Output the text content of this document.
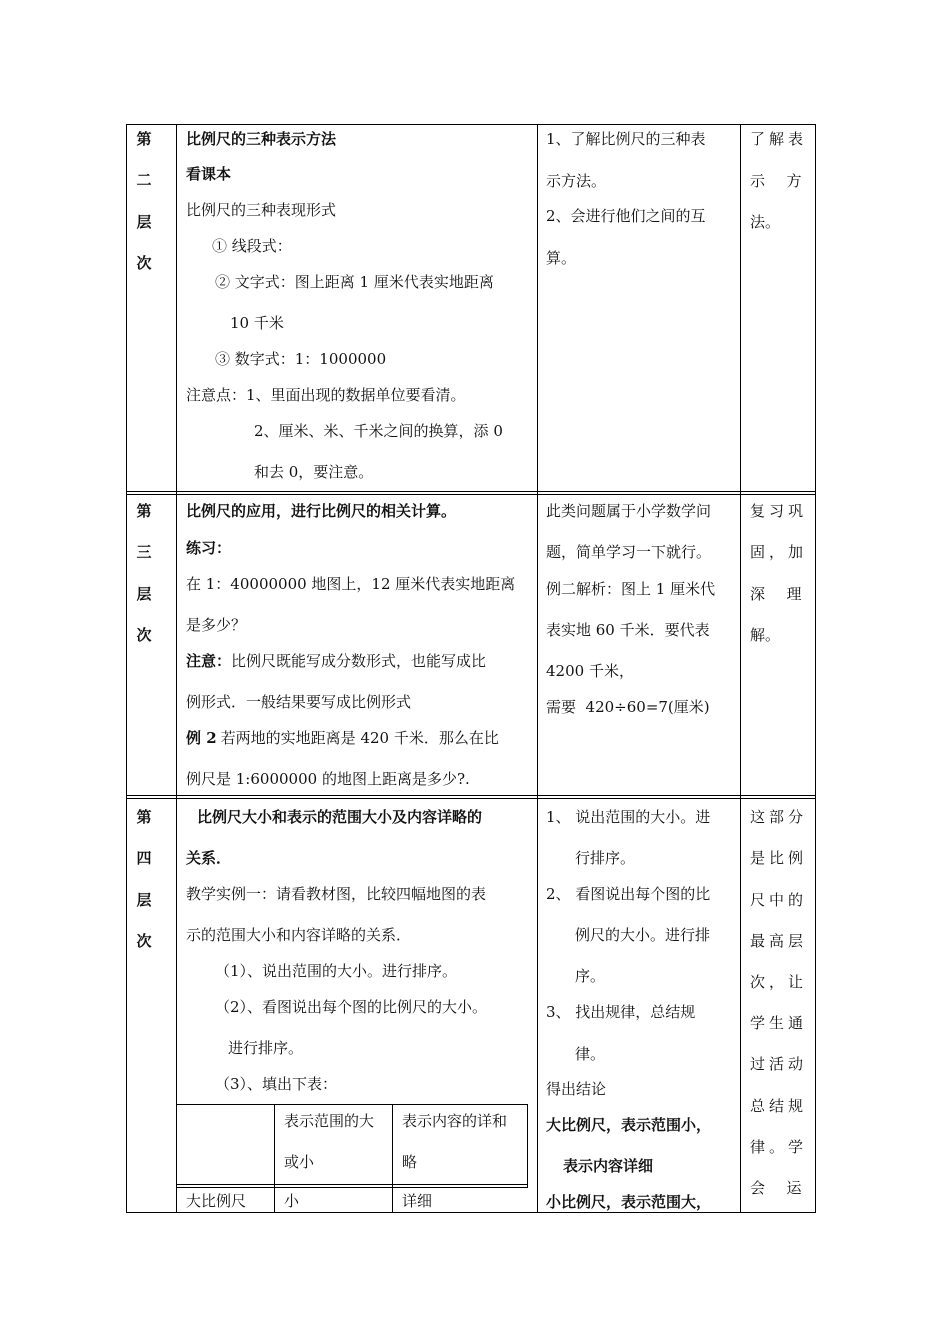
第
二
层
次
比例尺的三种表示方法
看课本
比例尺的三种表现形式
① 线段式：
② 文字式：图上距离 1 厘米代表实地距离
10 千米
③ 数字式：1：1000000
注意点：1、里面出现的数据单位要看清。
2、厘米、米、千米之间的换算，添 0
和去 0，要注意。
1、了解比例尺的三种表
示方法。
2、会进行他们之间的互
算。
了解表
示  方
法。
第
三
层
次
比例尺的应用，进行比例尺的相关计算。
练习：
在 1：40000000 地图上，12 厘米代表实地距离
是多少？
注意：比例尺既能写成分数形式，也能写成比
例形式．一般结果要写成比例形式
例 2 若两地的实地距离是 420 千米．那么在比
例尺是 1:6000000 的地图上距离是多少?.
此类问题属于小学数学问
题，简单学习一下就行。
例二解析：图上 1 厘米代
表实地 60 千米．要代表
4200 千米，
需要  420÷60=7(厘米)
复习巩
固，加
深  理
解。
第
四
层
次
比例尺大小和表示的范围大小及内容详略的
关系．
教学实例一：请看教材图，比较四幅地图的表
示的范围大小和内容详略的关系．
（1）、说出范围的大小。进行排序。
（2）、看图说出每个图的比例尺的大小。
进行排序。
（3）、填出下表：
表示范围的大
或小
表示内容的详和
略
大比例尺	小	详细
1、 说出范围的大小。进
行排序。
2、 看图说出每个图的比
例尺的大小。进行排
序。
3、 找出规律，总结规
律。
得出结论
大比例尺，表示范围小，
表示内容详细
小比例尺，表示范围大，
这部分
是比例
尺中的
最高层
次，让
学生通
过活动
总结规
律。学
会  运
